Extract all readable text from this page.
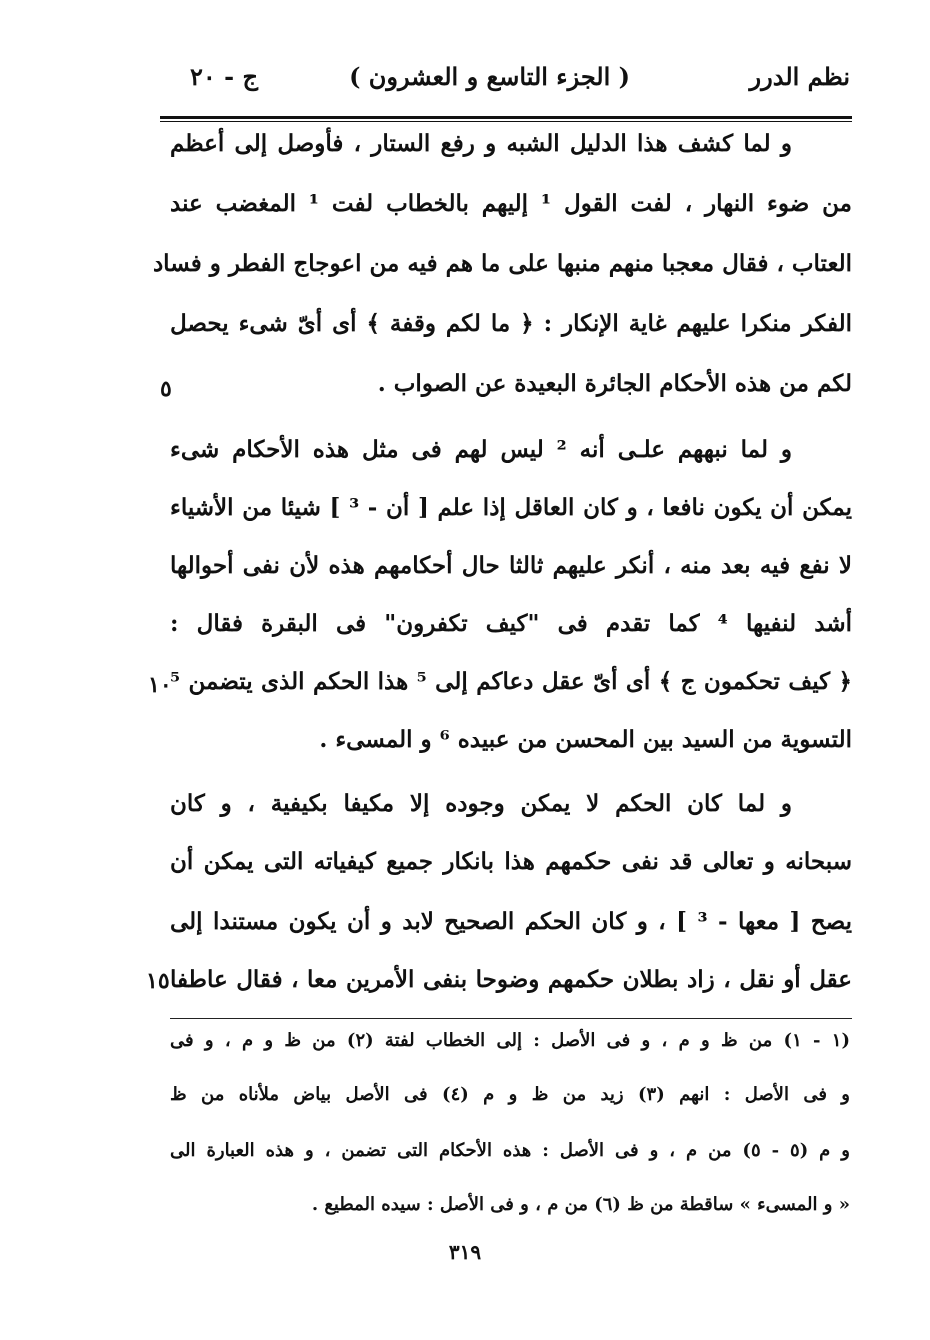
نظم الدرر
( الجزء التاسع و العشرون )
ج - ٢٠
و لما كشف هذا الدليل الشبه و رفع الستار ، فأوصل إلى أعظم
من ضوء النهار ، لفت القول ¹ إليهم بالخطاب لفت ¹ المغضب عند
العتاب ، فقال معجبا منهم منبها على ما هم فيه من اعوجاج الفطر و فساد
الفكر منكرا عليهم غاية الإنكار : ﴿ ما لكم وقفة ﴾ أى أىّ شىء يحصل
لكم من هذه الأحكام الجائرة البعيدة عن الصواب .
٥
و لما نبههم علـى أنه ² ليس لهم فى مثل هذه الأحكام شىء
يمكن أن يكون نافعا ، و كان العاقل إذا علم [ أن - ³ ] شيئا من الأشياء
لا نفع فيه بعد منه ، أنكر عليهم ثالثا حال أحكامهم هذه لأن نفى أحوالها
أشد لنفيها ⁴ كما تقدم فى "كيف تكفرون" فى البقرة فقال :
﴿ كيف تحكمون ج ﴾ أى أىّ عقل دعاكم إلى ⁵ هذا الحكم الذى يتضمن ⁵
التسوية من السيد بين المحسن من عبيده ⁶ و المسىء .
١٠
و لما كان الحكم لا يمكن وجوده إلا مكيفا بكيفية ، و كان
سبحانه و تعالى قد نفى حكمهم هذا بانكار جميع كيفياته التى يمكن أن
يصح [ معها - ³ ] ، و كان الحكم الصحيح لابد و أن يكون مستندا إلى
عقل أو نقل ، زاد بطلان حكمهم وضوحا بنفى الأمرين معا ، فقال عاطفا
١٥
(١ - ١) من ظ و م ، و فى الأصل : إلى الخطاب لفتة (٢) من ظ و م ، و فى
و فى الأصل : انهم (٣) زيد من ظ و م (٤) فى الأصل بياض ملأناه من ظ
و م (٥ - ٥) من م ، و فى الأصل : هذه الأحكام التى تضمن ، و هذه العبارة الى
« و المسىء » ساقطة من ظ (٦) من م ، و فى الأصل : سيده المطيع .
٣١٩
